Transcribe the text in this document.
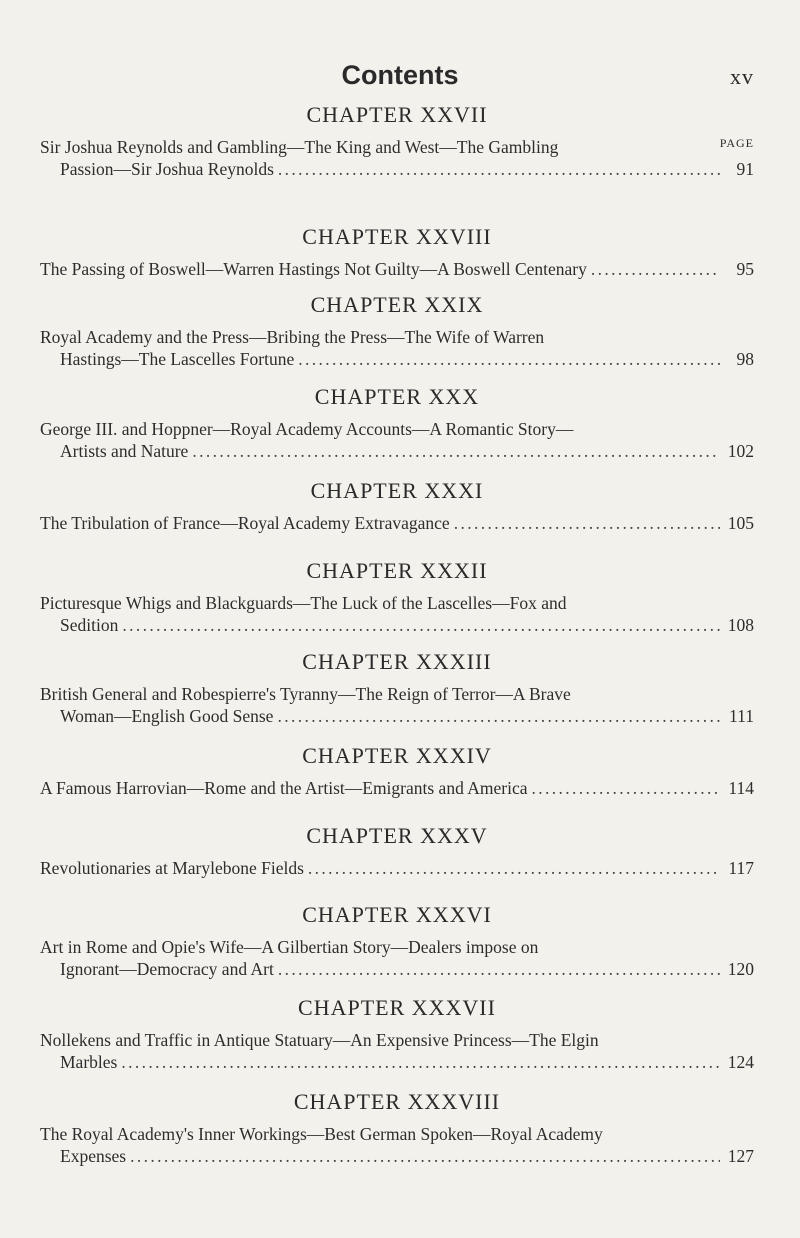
Contents	xv
PAGE
CHAPTER XXVII
Sir Joshua Reynolds and Gambling—The King and West—The Gambling
Passion—Sir Joshua Reynolds . . .	91
CHAPTER XXVIII
The Passing of Boswell—Warren Hastings Not Guilty—A Boswell Centenary . . .	95
CHAPTER XXIX
Royal Academy and the Press—Bribing the Press—The Wife of Warren
Hastings—The Lascelles Fortune . . .	98
CHAPTER XXX
George III. and Hoppner—Royal Academy Accounts—A Romantic Story—
Artists and Nature . . .	102
CHAPTER XXXI
The Tribulation of France—Royal Academy Extravagance . . .	105
CHAPTER XXXII
Picturesque Whigs and Blackguards—The Luck of the Lascelles—Fox and
Sedition . . .	108
CHAPTER XXXIII
British General and Robespierre's Tyranny—The Reign of Terror—A Brave
Woman—English Good Sense . . .	111
CHAPTER XXXIV
A Famous Harrovian—Rome and the Artist—Emigrants and America . . .	114
CHAPTER XXXV
Revolutionaries at Marylebone Fields . . .	117
CHAPTER XXXVI
Art in Rome and Opie's Wife—A Gilbertian Story—Dealers impose on
Ignorant—Democracy and Art . . .	120
CHAPTER XXXVII
Nollekens and Traffic in Antique Statuary—An Expensive Princess—The Elgin
Marbles . . .	124
CHAPTER XXXVIII
The Royal Academy's Inner Workings—Best German Spoken—Royal Academy
Expenses . . .	127
